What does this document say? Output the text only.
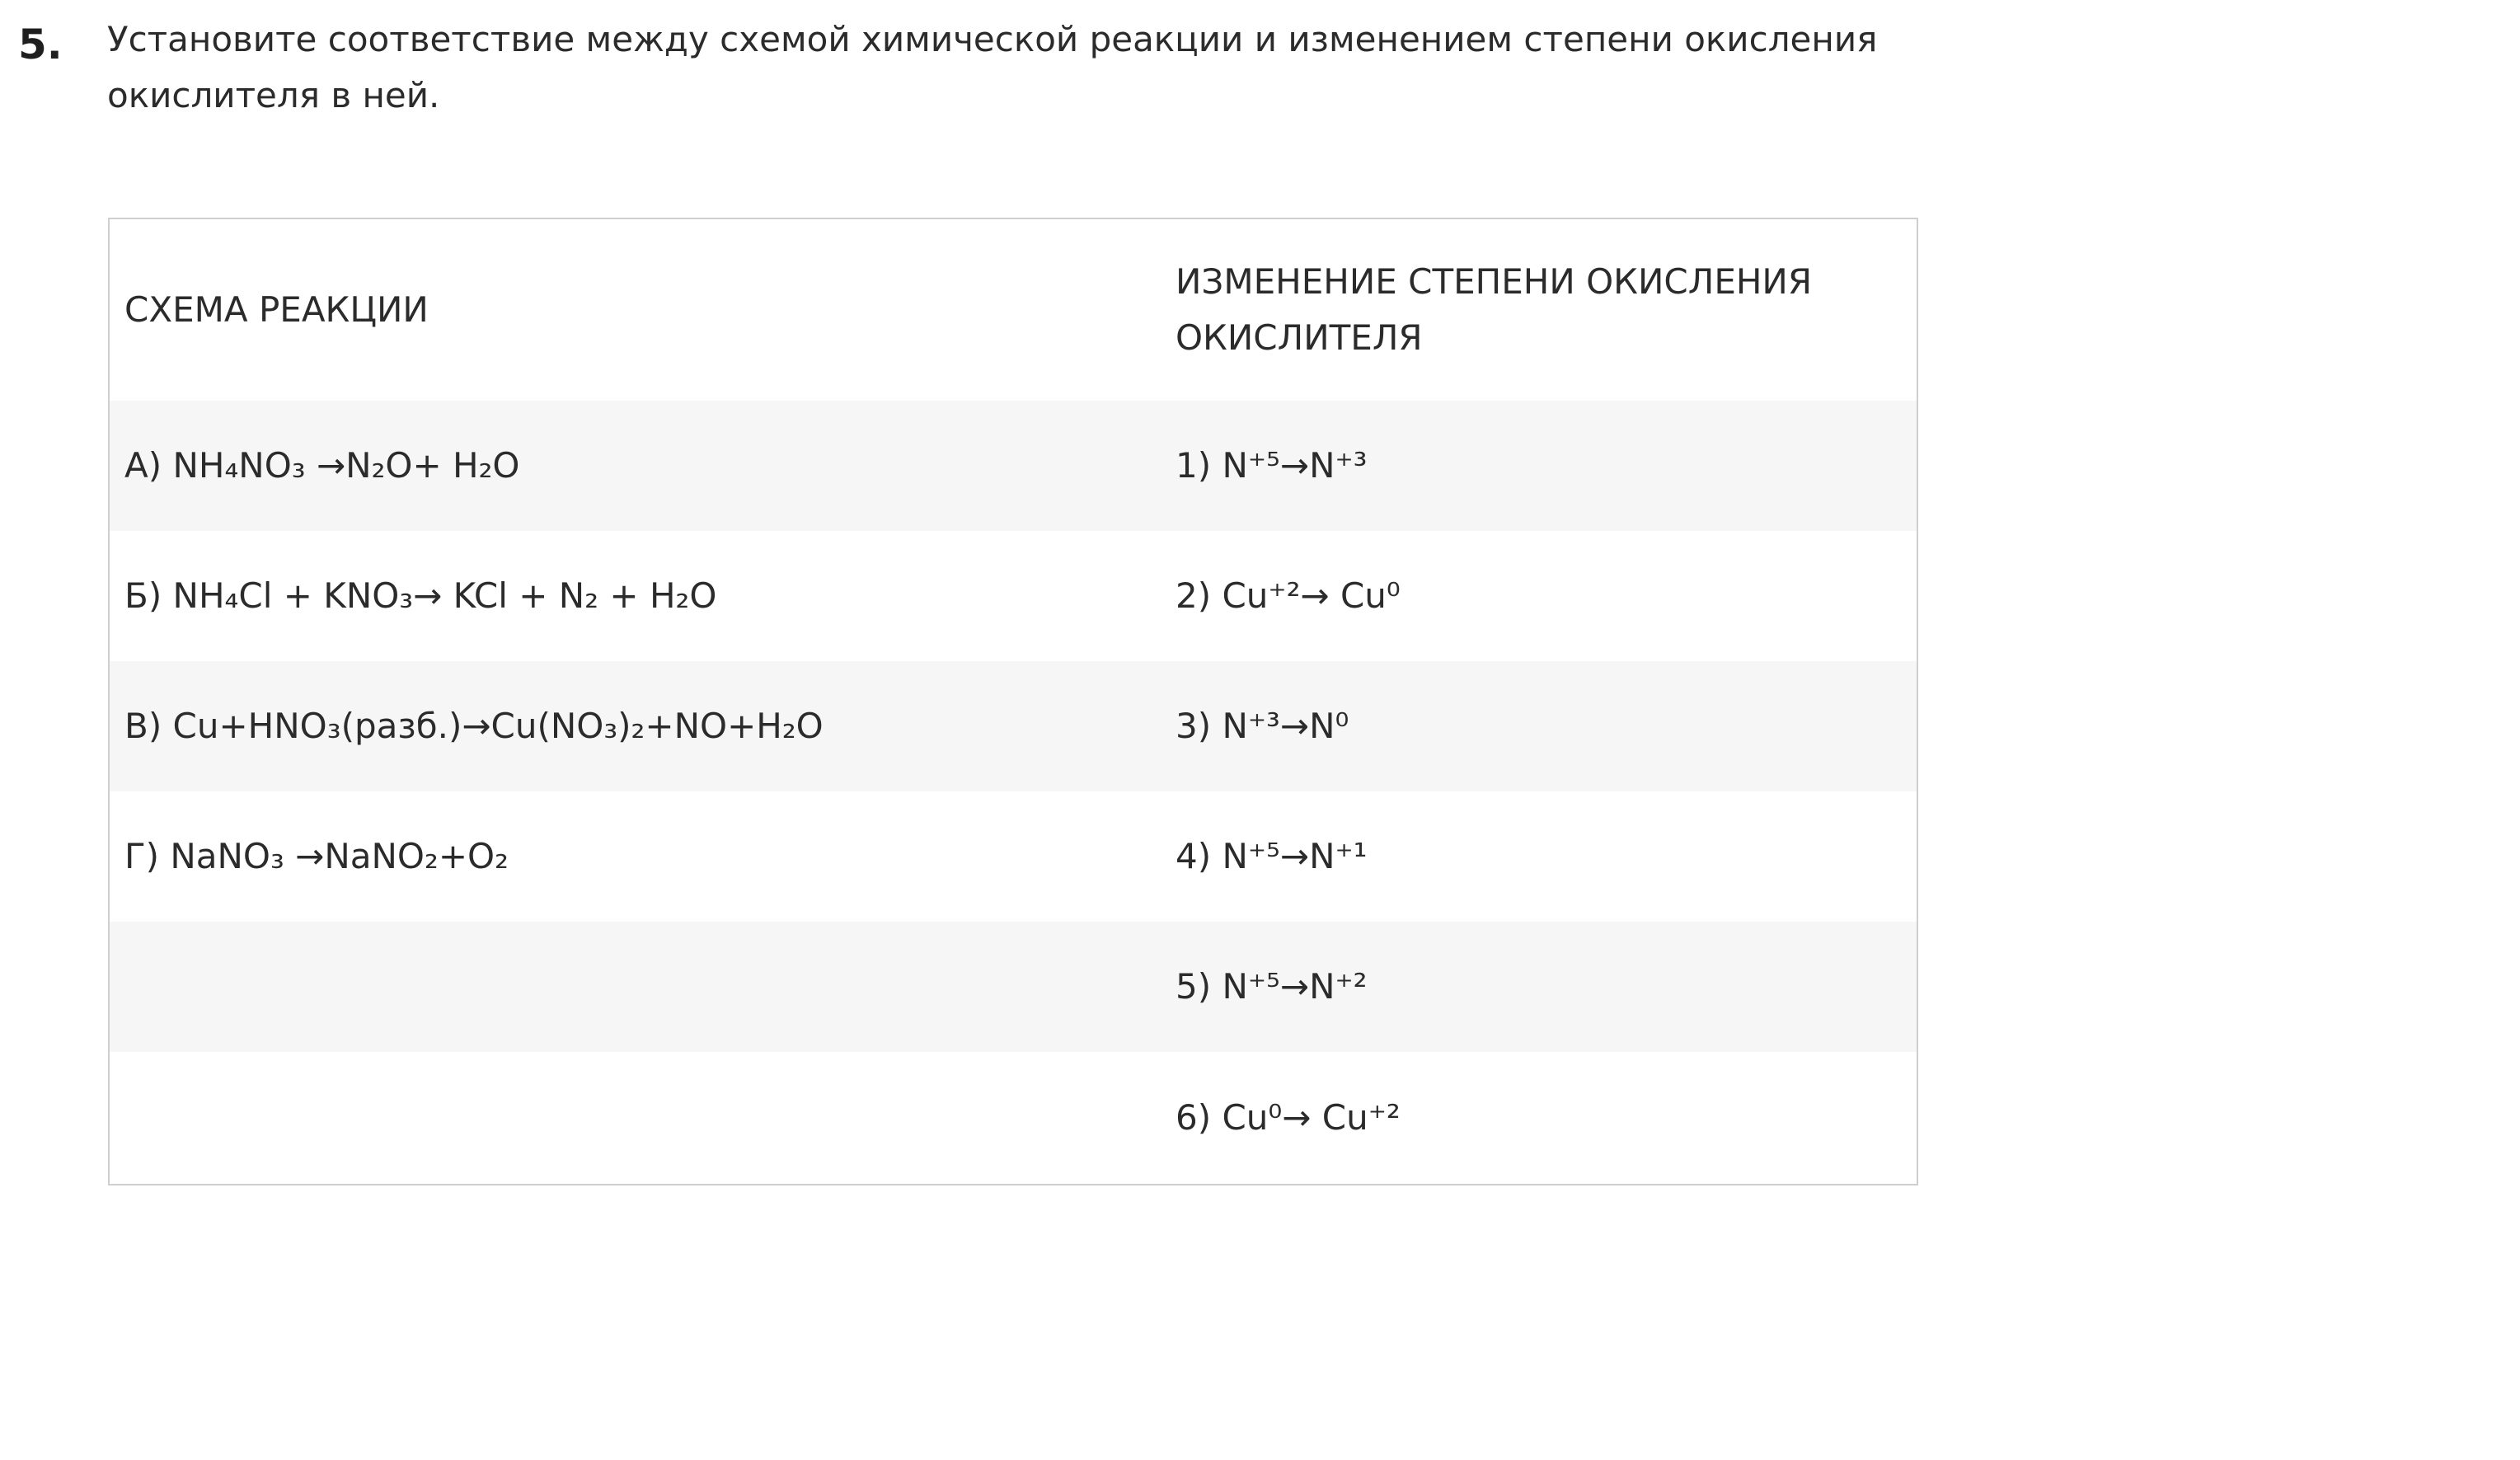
5. Установите соответствие между схемой химической реакции и изменением степени окисления окислителя в ней.
СХЕМА РЕАКЦИИ	ИЗМЕНЕНИЕ СТЕПЕНИ ОКИСЛЕНИЯ ОКИСЛИТЕЛЯ
А) NH₄NO₃ →N₂O+ H₂O	1) N⁺⁵→N⁺³
Б) NH₄Cl + KNO₃→ KCl + N₂ + H₂O	2) Cu⁺²→ Cu⁰
В) Cu+HNO₃(разб.)→Cu(NO₃)₂+NO+H₂O	3) N⁺³→N⁰
Г) NaNO₃ →NaNO₂+O₂	4) N⁺⁵→N⁺¹
	5) N⁺⁵→N⁺²
	6) Cu⁰→ Cu⁺²
